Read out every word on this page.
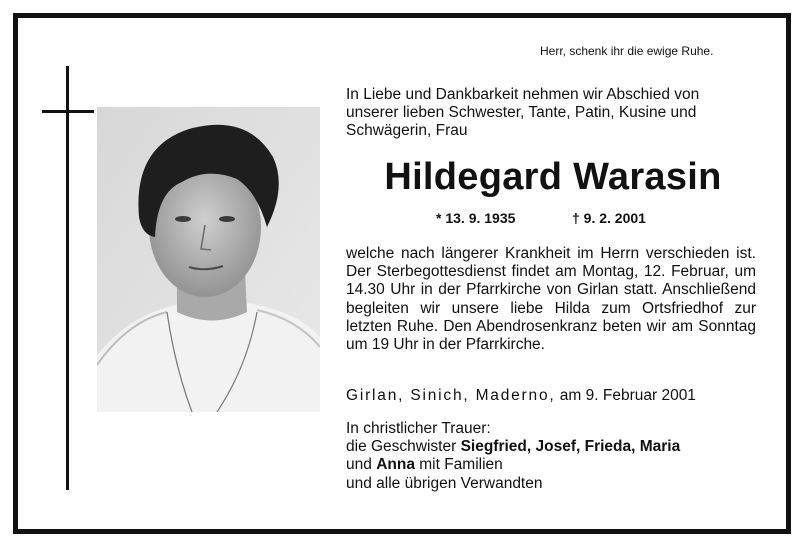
Herr, schenk ihr die ewige Ruhe.
In Liebe und Dankbarkeit nehmen wir Abschied von unserer lieben Schwester, Tante, Patin, Kusine und Schwägerin, Frau
Hildegard Warasin
* 13. 9. 1935	† 9. 2. 2001
welche nach längerer Krankheit im Herrn verschieden ist. Der Sterbegottesdienst findet am Montag, 12. Februar, um 14.30 Uhr in der Pfarrkirche von Girlan statt. Anschließend begleiten wir unsere liebe Hilda zum Ortsfriedhof zur letzten Ruhe. Den Abendrosenkranz beten wir am Sonntag um 19 Uhr in der Pfarrkirche.
Girlan, Sinich, Maderno, am 9. Februar 2001
In christlicher Trauer:
die Geschwister Siegfried, Josef, Frieda, Maria
und Anna mit Familien
und alle übrigen Verwandten
